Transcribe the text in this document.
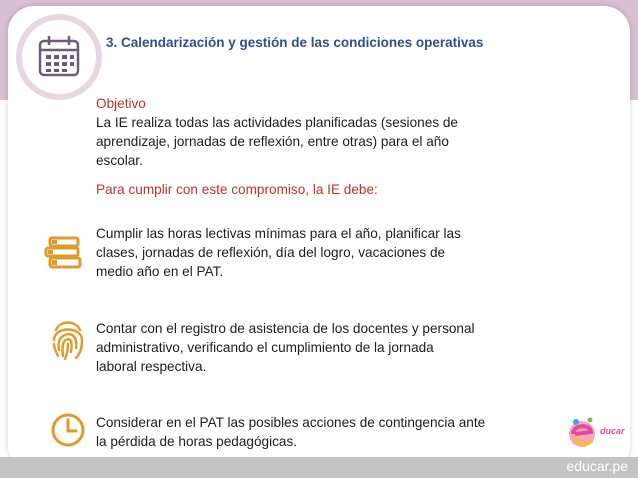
3. Calendarización y gestión de las condiciones operativas
Objetivo
La IE realiza todas las actividades planificadas (sesiones de
aprendizaje, jornadas de reflexión, entre otras) para el año
escolar.
Para cumplir con este compromiso, la IE debe:
Cumplir las horas lectivas mínimas para el año, planificar las
clases, jornadas de reflexión, día del logro, vacaciones de
medio año en el PAT.
Contar con el registro de asistencia de los docentes y personal
administrativo, verificando el cumplimiento de la jornada
laboral respectiva.
Considerar en el PAT las posibles acciones de contingencia ante
la pérdida de horas pedagógicas.
ducar
educar.pe
